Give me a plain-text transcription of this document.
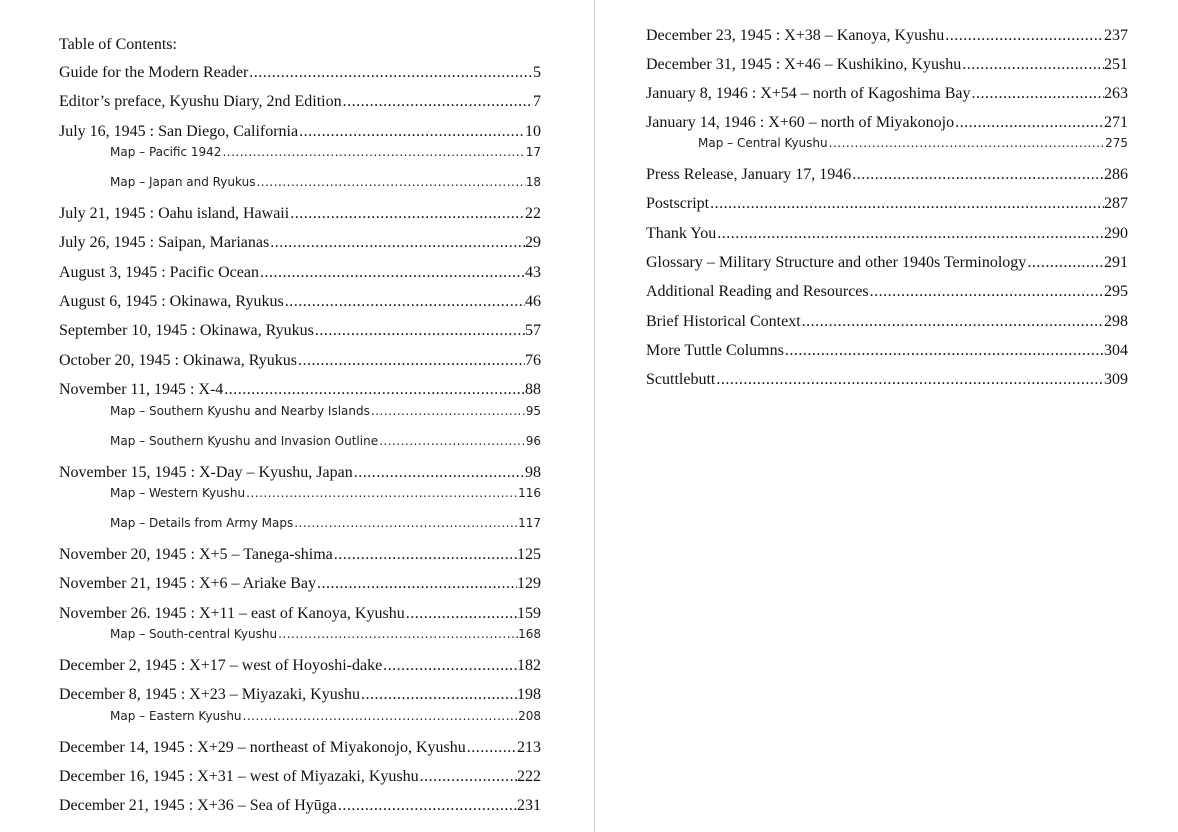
Table of Contents:
Guide for the Modern Reader .....	5
Editor’s preface, Kyushu Diary, 2nd Edition .....	7
July 16, 1945 : San Diego, California .....	10
Map – Pacific 1942 .....	17
Map – Japan and Ryukus .....	18
July 21, 1945 : Oahu island, Hawaii .....	22
July 26, 1945 : Saipan, Marianas .....	29
August 3, 1945 : Pacific Ocean .....	43
August 6, 1945 : Okinawa, Ryukus .....	46
September 10, 1945 : Okinawa, Ryukus .....	57
October 20, 1945 : Okinawa, Ryukus .....	76
November 11, 1945 : X-4 .....	88
Map – Southern Kyushu and Nearby Islands .....	95
Map – Southern Kyushu and Invasion Outline .....	96
November 15, 1945 : X-Day – Kyushu, Japan .....	98
Map – Western Kyushu .....	116
Map – Details from Army Maps .....	117
November 20, 1945 : X+5 – Tanega-shima .....	125
November 21, 1945 : X+6 – Ariake Bay .....	129
November 26. 1945 : X+11 – east of Kanoya, Kyushu .....	159
Map – South-central Kyushu .....	168
December 2, 1945 : X+17 – west of Hoyoshi-dake .....	182
December 8, 1945 : X+23 – Miyazaki, Kyushu .....	198
Map – Eastern Kyushu .....	208
December 14, 1945 : X+29 – northeast of Miyakonojo, Kyushu .....	213
December 16, 1945 : X+31 – west of Miyazaki, Kyushu .....	222
December 21, 1945 : X+36 – Sea of Hyūga .....	231
December 23, 1945 : X+38 – Kanoya, Kyushu .....	237
December 31, 1945 : X+46 – Kushikino, Kyushu .....	251
January 8, 1946 : X+54 – north of Kagoshima Bay .....	263
January 14, 1946 : X+60 – north of Miyakonojo .....	271
Map – Central Kyushu .....	275
Press Release, January 17, 1946 .....	286
Postscript .....	287
Thank You .....	290
Glossary – Military Structure and other 1940s Terminology .....	291
Additional Reading and Resources .....	295
Brief Historical Context .....	298
More Tuttle Columns .....	304
Scuttlebutt .....	309
